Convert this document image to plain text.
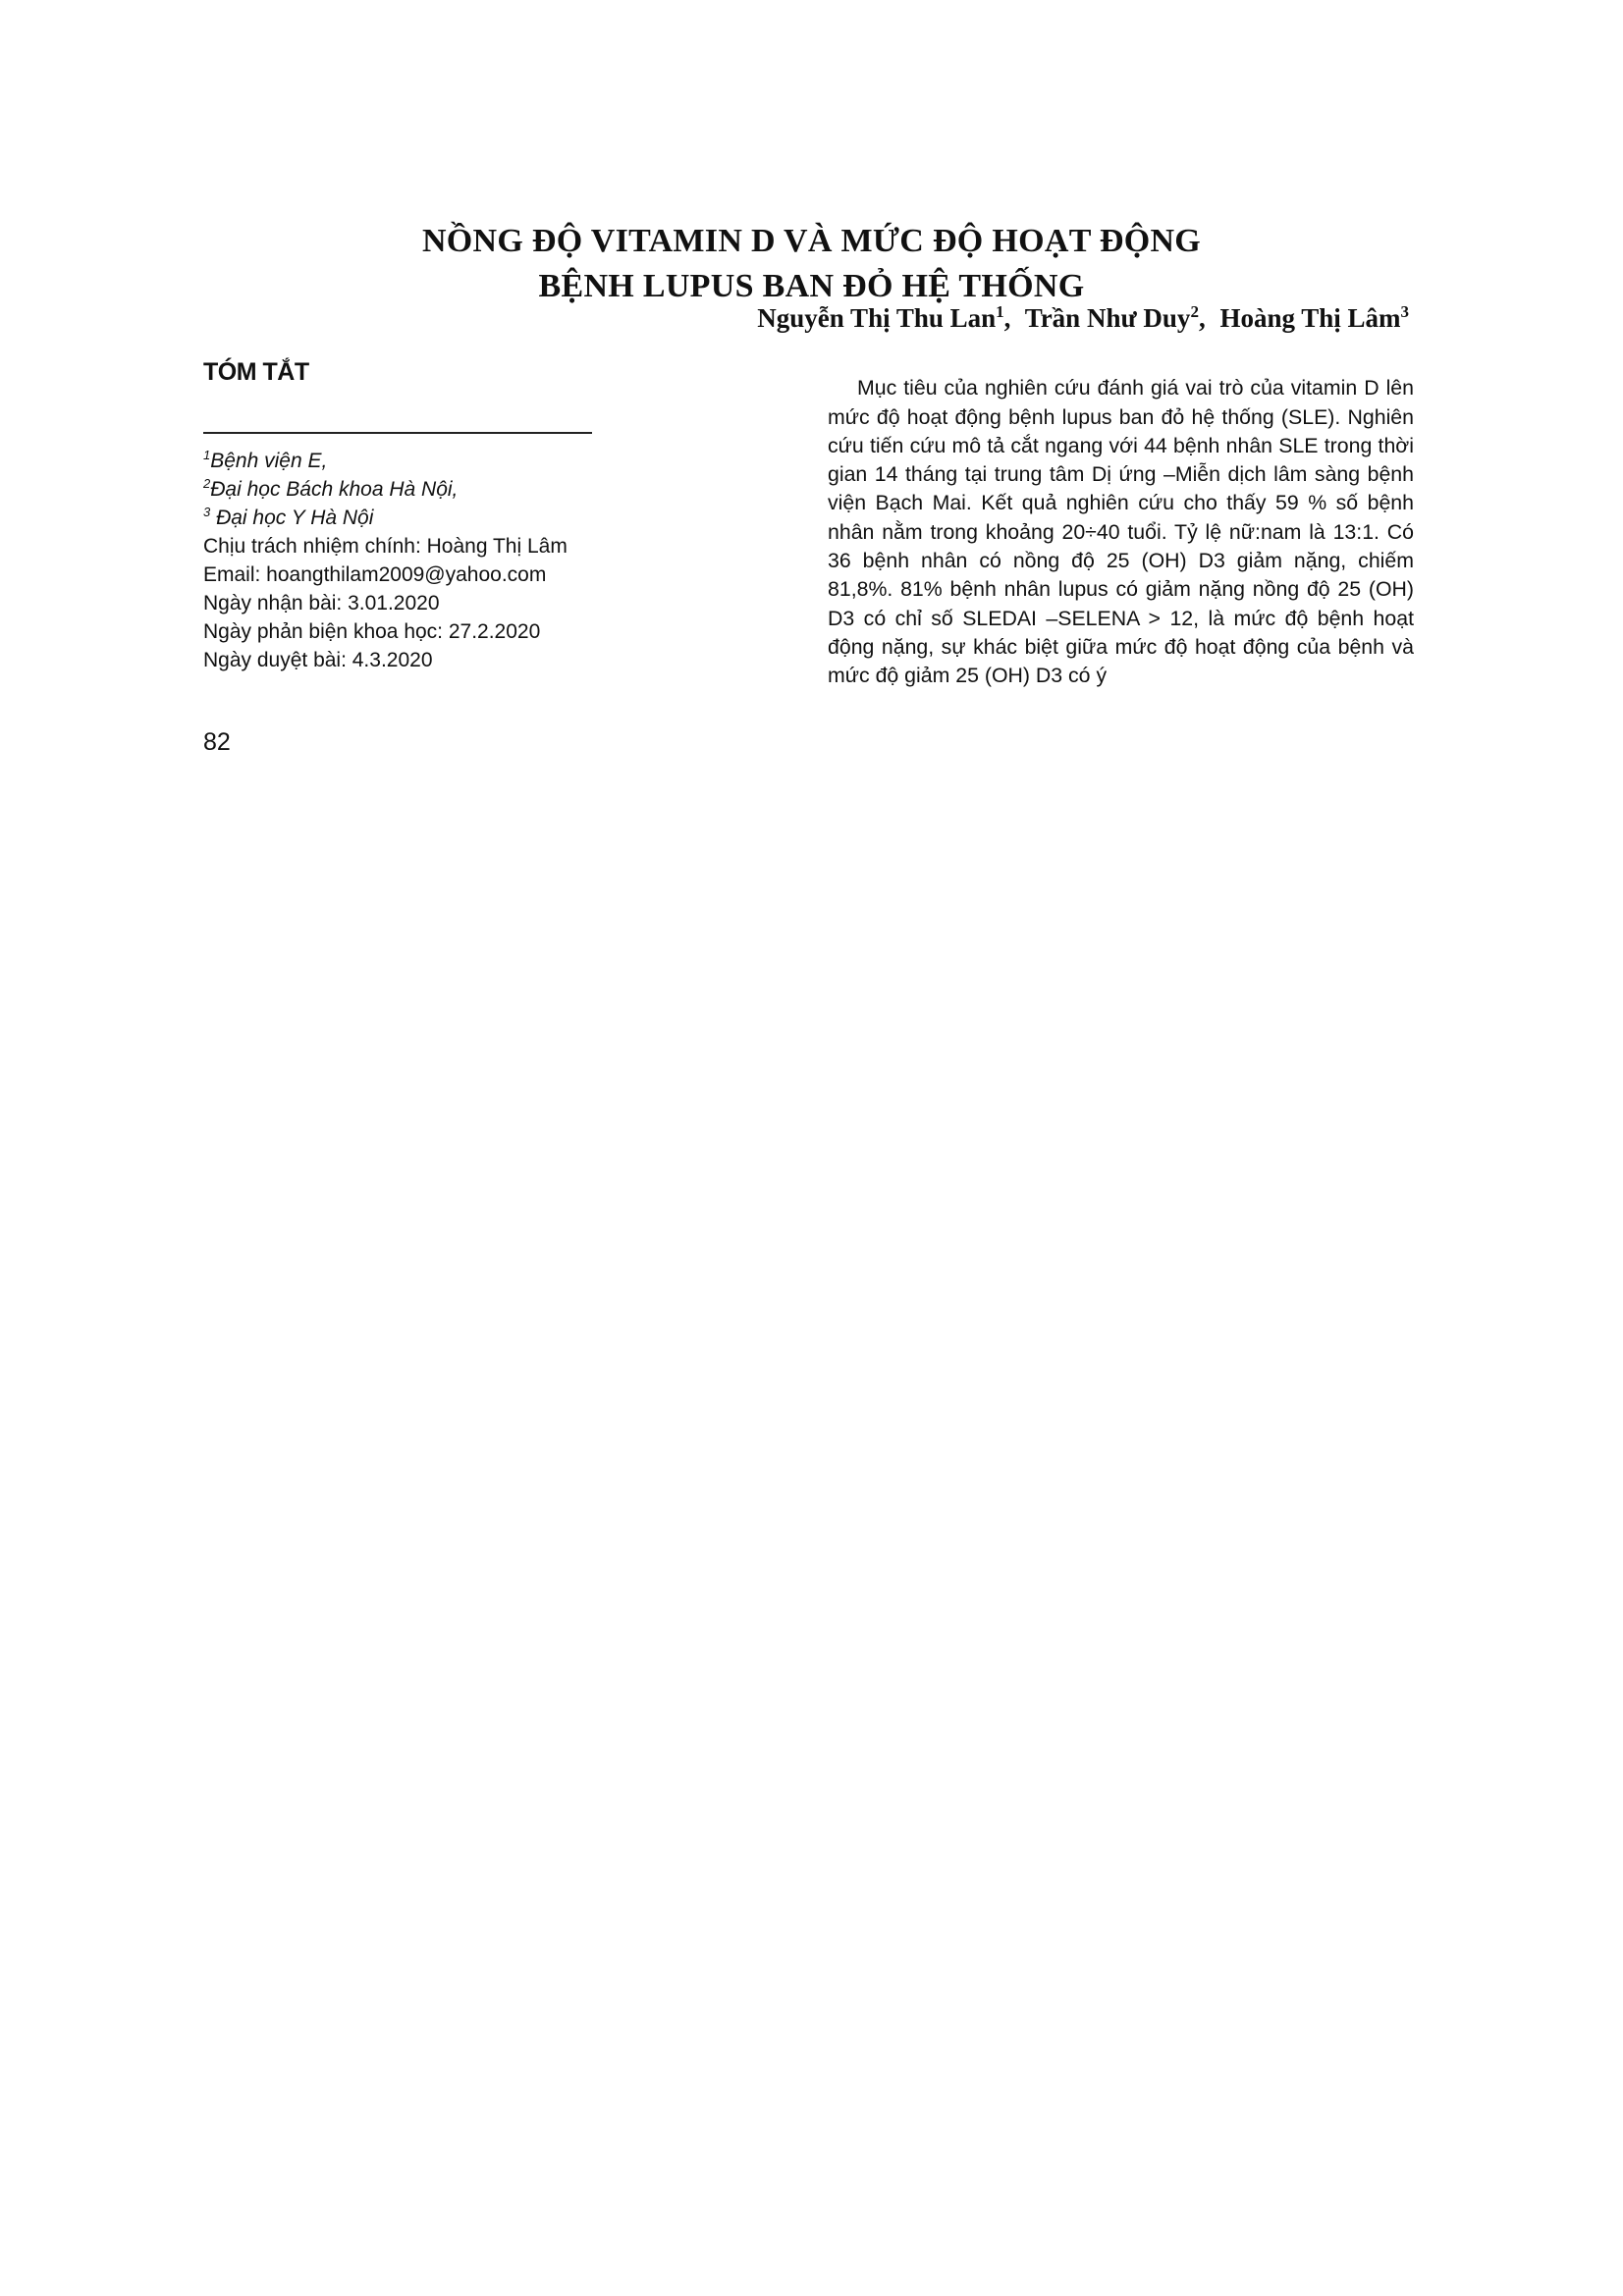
NỒNG ĐỘ VITAMIN D VÀ MỨC ĐỘ HOẠT ĐỘNG
BỆNH LUPUS BAN ĐỎ HỆ THỐNG
Nguyễn Thị Thu Lan$^1$, Trần Như Duy$^2$, Hoàng Thị Lâm$^3$
TÓM TẮT
$^1$Bệnh viện E,
$^2$Đại học Bách khoa Hà Nội,
$^3$ Đại học Y Hà Nội
Chịu trách nhiệm chính: Hoàng Thị Lâm
Email: hoangthilam2009@yahoo.com
Ngày nhận bài: 3.01.2020
Ngày phản biện khoa học: 27.2.2020
Ngày duyệt bài: 4.3.2020

Mục tiêu của nghiên cứu đánh giá vai trò của vitamin D lên mức độ hoạt động bệnh lupus ban đỏ hệ thống (SLE). Nghiên cứu tiến cứu mô tả cắt ngang với 44 bệnh nhân SLE trong thời gian 14 tháng tại trung tâm Dị ứng –Miễn dịch lâm sàng bệnh viện Bạch Mai. Kết quả nghiên cứu cho thấy 59 % số bệnh nhân nằm trong khoảng 20÷40 tuổi. Tỷ lệ nữ:nam là 13:1. Có 36 bệnh nhân có nồng độ 25 (OH) D3 giảm nặng, chiếm 81,8%. 81% bệnh nhân lupus có giảm nặng nồng độ 25 (OH) D3 có chỉ số SLEDAI –SELENA > 12, là mức độ bệnh hoạt động nặng, sự khác biệt giữa mức độ hoạt động của bệnh và mức độ giảm 25 (OH) D3 có ý

82
